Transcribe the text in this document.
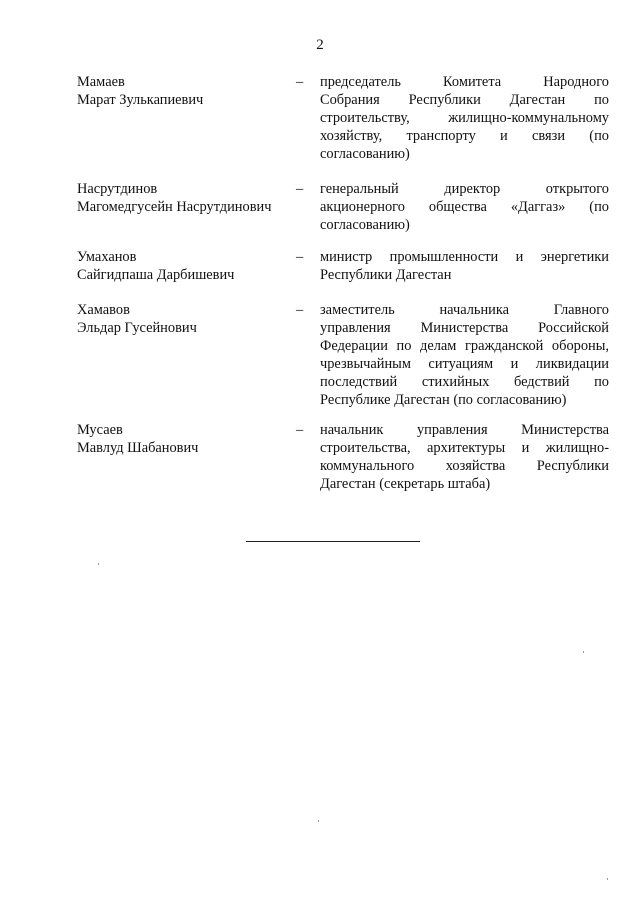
2
Мамаев
Марат Зулькапиевич
– председатель Комитета Народного
Собрания Республики Дагестан по
строительству, жилищно-коммунальному
хозяйству, транспорту и связи (по
согласованию)
Насрутдинов
Магомедгусейн Насрутдинович
– генеральный директор открытого
акционерного общества «Даггаз» (по
согласованию)
Умаханов
Сайгидпаша Дарбишевич
– министр промышленности и энергетики
Республики Дагестан
Хамавов
Эльдар Гусейнович
– заместитель начальника Главного
управления Министерства Российской
Федерации по делам гражданской обороны,
чрезвычайным ситуациям и ликвидации
последствий стихийных бедствий по
Республике Дагестан (по согласованию)
Мусаев
Мавлуд Шабанович
– начальник управления Министерства
строительства, архитектуры и жилищно-
коммунального хозяйства Республики
Дагестан (секретарь штаба)
